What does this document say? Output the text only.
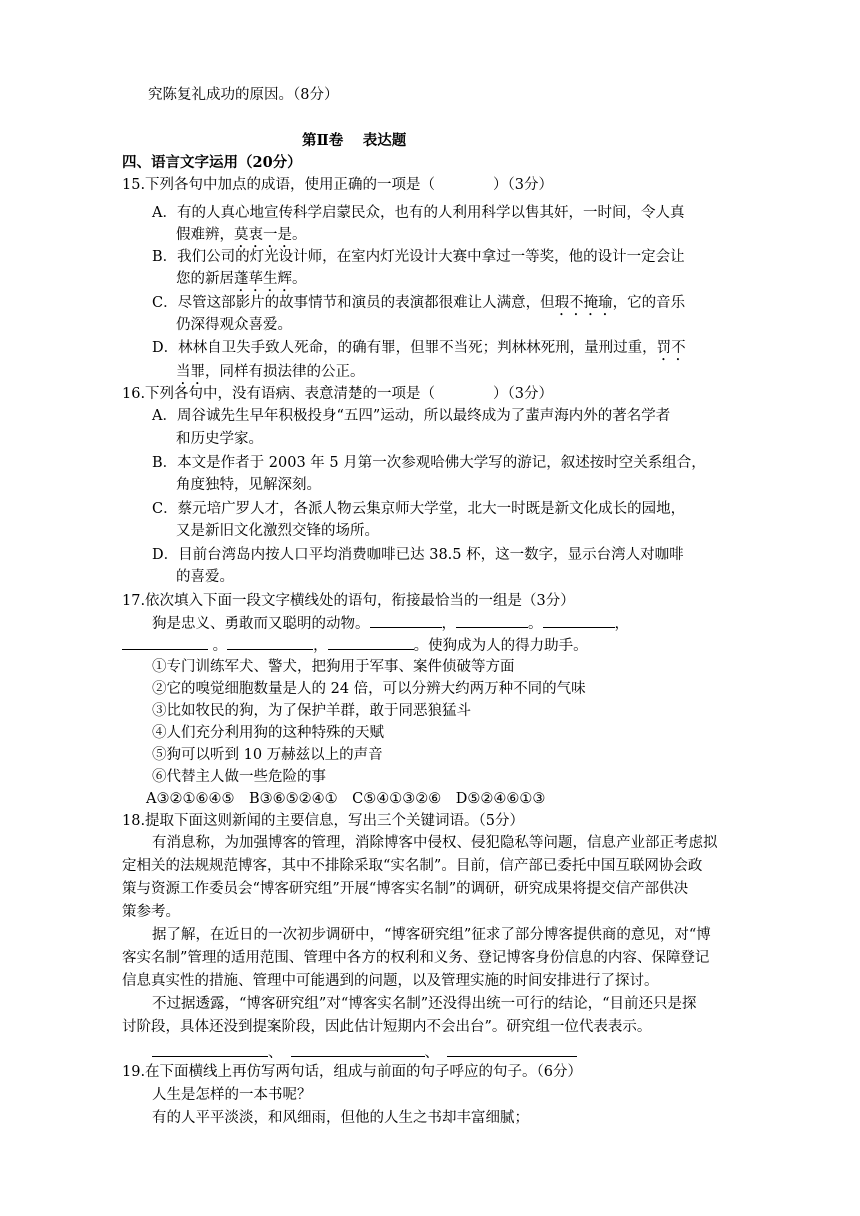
究陈复礼成功的原因。（8分）
第Ⅱ卷　 表达题
四、语言文字运用（20分）
15.下列各句中加点的成语，使用正确的一项是（　　　　）（3分）
A．有的人真心地宣传科学启蒙民众，也有的人利用科学以售其奸，一时间，令人真
假难辨，莫衷一是。
B．我们公司的灯光设计师，在室内灯光设计大赛中拿过一等奖，他的设计一定会让
您的新居蓬荜生辉。
C．尽管这部影片的故事情节和演员的表演都很难让人满意，但瑕不掩瑜，它的音乐
仍深得观众喜爱。
D．林林自卫失手致人死命，的确有罪，但罪不当死；判林林死刑，量刑过重，罚不
当罪，同样有损法律的公正。
16.下列各句中，没有语病、表意清楚的一项是（　　　　）（3分）
A．周谷诚先生早年积极投身“五四”运动，所以最终成为了蜚声海内外的著名学者
和历史学家。
B．本文是作者于 2003 年 5 月第一次参观哈佛大学写的游记，叙述按时空关系组合，
角度独特，见解深刻。
C．蔡元培广罗人才，各派人物云集京师大学堂，北大一时既是新文化成长的园地，
又是新旧文化激烈交锋的场所。
D．目前台湾岛内按人口平均消费咖啡已达 38.5 杯，这一数字，显示台湾人对咖啡
的喜爱。
17.依次填入下面一段文字横线处的语句，衔接最恰当的一组是（3分）
狗是忠义、勇敢而又聪明的动物。	，	。	，
。	，	。使狗成为人的得力助手。
①专门训练军犬、警犬，把狗用于军事、案件侦破等方面
②它的嗅觉细胞数量是人的 24 倍，可以分辨大约两万种不同的气味
③比如牧民的狗，为了保护羊群，敢于同恶狼猛斗
④人们充分利用狗的这种特殊的天赋
⑤狗可以听到 10 万赫兹以上的声音
⑥代替主人做一些危险的事
A③②①⑥④⑤　B③⑥⑤②④①　C⑤④①③②⑥　D⑤②④⑥①③
18.提取下面这则新闻的主要信息，写出三个关键词语。（5分）
有消息称，为加强博客的管理，消除博客中侵权、侵犯隐私等问题，信息产业部正考虑拟
定相关的法规规范博客，其中不排除采取“实名制”。目前，信产部已委托中国互联网协会政
策与资源工作委员会“博客研究组”开展“博客实名制”的调研，研究成果将提交信产部供决
策参考。
据了解，在近日的一次初步调研中，“博客研究组”征求了部分博客提供商的意见，对“博
客实名制”管理的适用范围、管理中各方的权利和义务、登记博客身份信息的内容、保障登记
信息真实性的措施、管理中可能遇到的问题，以及管理实施的时间安排进行了探讨。
不过据透露，“博客研究组”对“博客实名制”还没得出统一可行的结论，“目前还只是探
讨阶段，具体还没到提案阶段，因此估计短期内不会出台”。研究组一位代表表示。
、	、
19.在下面横线上再仿写两句话，组成与前面的句子呼应的句子。（6分）
人生是怎样的一本书呢？
有的人平平淡淡，和风细雨，但他的人生之书却丰富细腻；
